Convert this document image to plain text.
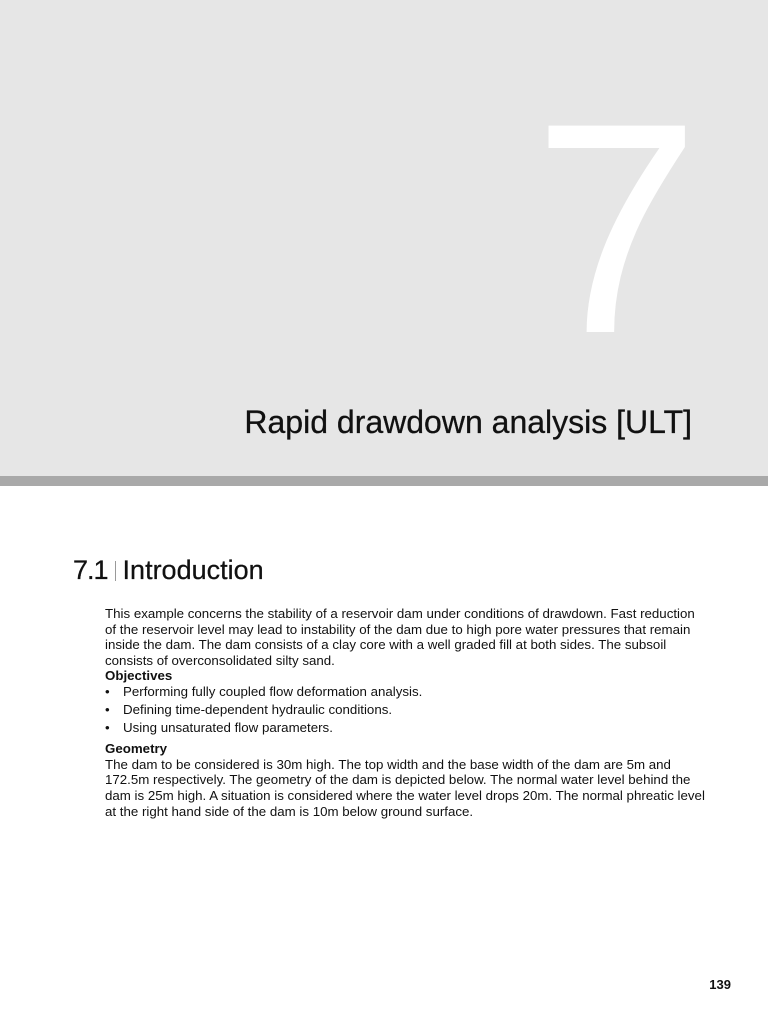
7
Rapid drawdown analysis [ULT]
7.1 Introduction

This example concerns the stability of a reservoir dam under conditions of drawdown. Fast reduction of the reservoir level may lead to instability of the dam due to high pore water pressures that remain inside the dam. The dam consists of a clay core with a well graded fill at both sides. The subsoil consists of overconsolidated silty sand.

Objectives

• Performing fully coupled flow deformation analysis.
• Defining time-dependent hydraulic conditions.
• Using unsaturated flow parameters.

Geometry

The dam to be considered is 30m high. The top width and the base width of the dam are 5m and 172.5m respectively. The geometry of the dam is depicted below. The normal water level behind the dam is 25m high. A situation is considered where the water level drops 20m. The normal phreatic level at the right hand side of the dam is 10m below ground surface.

139
